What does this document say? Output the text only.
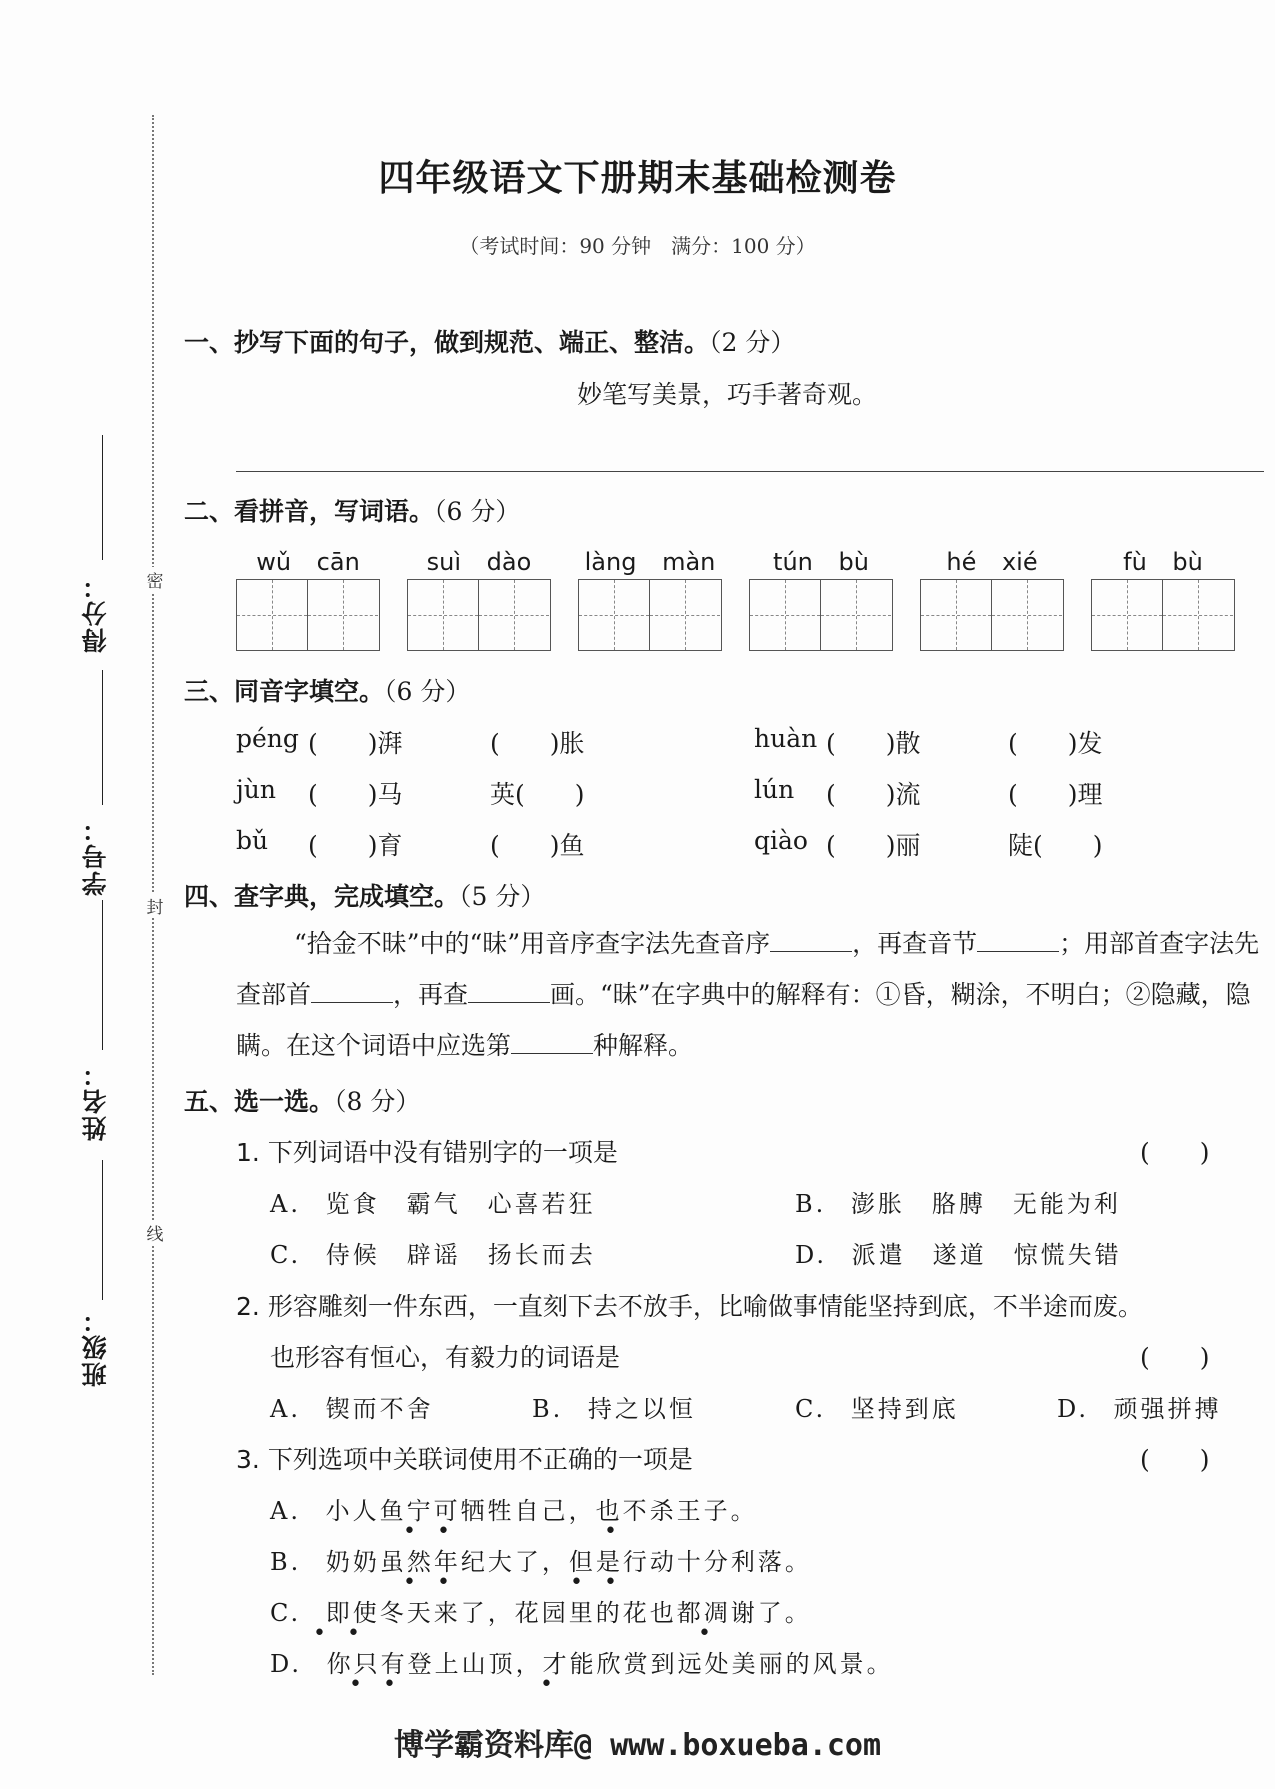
密
封
线
得分：
学号：
姓名：
班级：
四年级语文下册期末基础检测卷
（考试时间：90 分钟　满分：100 分）
一、抄写下面的句子，做到规范、端正、整洁。（2 分）
妙笔写美景，巧手著奇观。
二、看拼音，写词语。（6 分）
wǔ cān	suì dào	làng màn	tún bù	hé xié	fù bù
三、同音字填空。（6 分）
péng (　　)湃	(　　)胀	huàn (　　)散	(　　)发
jùn (　　)马	英(　　)	lún (　　)流	(　　)理
bǔ (　　)育	(　　)鱼	qiào (　　)丽	陡(　　)
四、查字典，完成填空。（5 分）
“拾金不昧”中的“昧”用音序查字法先查音序	，再查音节	；用部首查字法先查部首	，再查	画。“昧”在字典中的解释有：①昏，糊涂，不明白；②隐藏，隐瞒。在这个词语中应选第	种解释。
五、选一选。（8 分）
1. 下列词语中没有错别字的一项是	(　　)
A. 览食　霸气　心喜若狂	B. 澎胀　胳膊　无能为利
C. 侍候　辟谣　扬长而去	D. 派遣　遂道　惊慌失错
2. 形容雕刻一件东西，一直刻下去不放手，比喻做事情能坚持到底，不半途而废。
也形容有恒心，有毅力的词语是	(　　)
A. 锲而不舍	B. 持之以恒	C. 坚持到底	D. 顽强拼搏
3. 下列选项中关联词使用不正确的一项是	(　　)
A. 小人鱼宁可牺牲自己，也不杀王子。
B. 奶奶虽然年纪大了，但是行动十分利落。
C. 即使冬天来了，花园里的花也都凋谢了。
D. 你只有登上山顶，才能欣赏到远处美丽的风景。
• •	•
• •	• •
• •	•
• •	•
博学霸资料库@ www.boxueba.com
